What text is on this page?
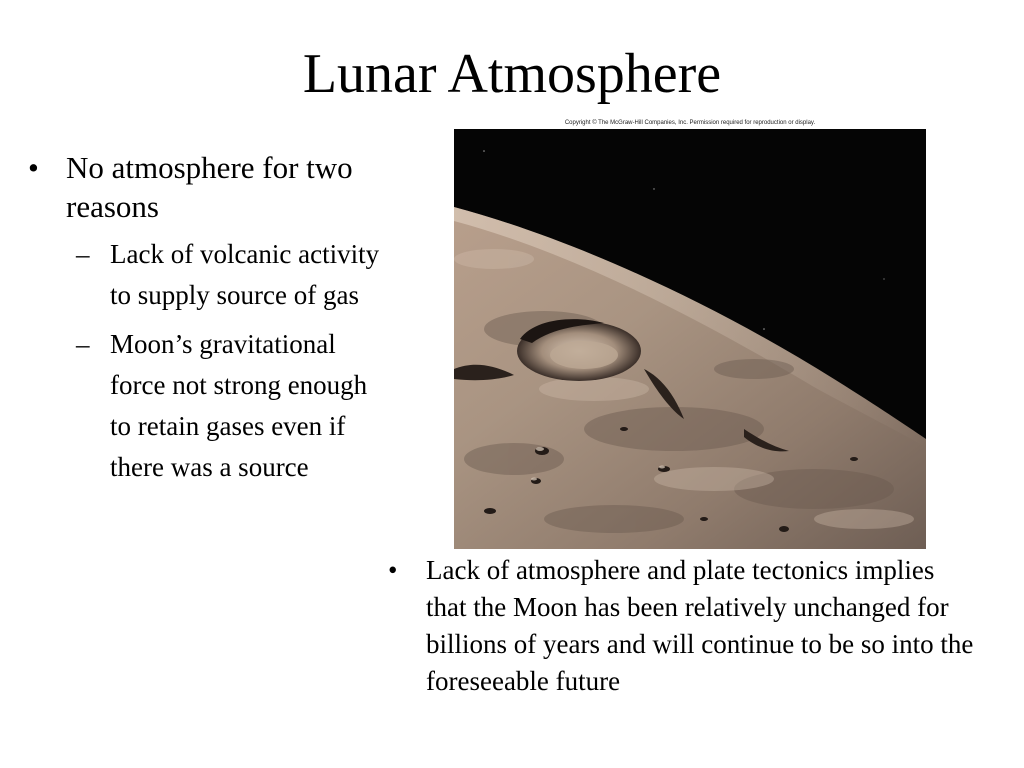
Lunar Atmosphere
• No atmosphere for two reasons
– Lack of volcanic activity to supply source of gas
– Moon’s gravitational force not strong enough to retain gases even if there was a source
Copyright © The McGraw-Hill Companies, Inc. Permission required for reproduction or display.
• Lack of atmosphere and plate tectonics implies that the Moon has been relatively unchanged for billions of years and will continue to be so into the foreseeable future
